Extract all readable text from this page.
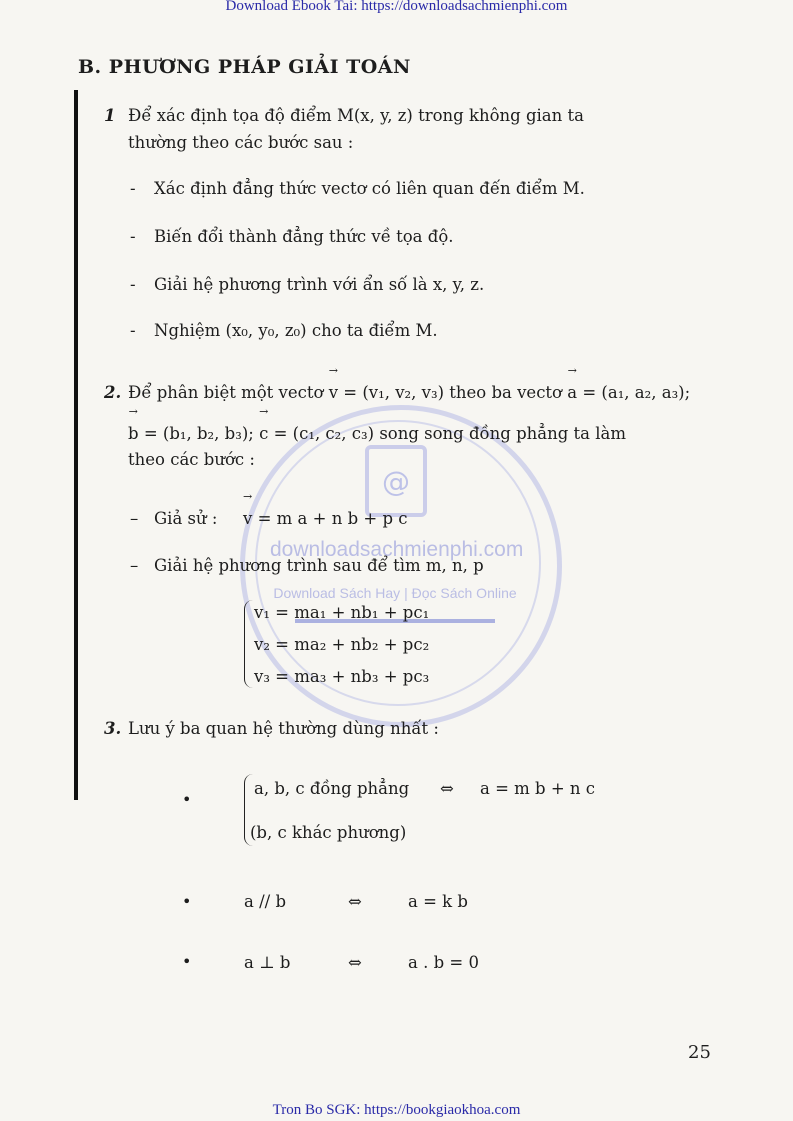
Download Ebook Tai: https://downloadsachmienphi.com
@
downloadsachmienphi.com
Download Sách Hay | Đọc Sách Online
B. PHƯƠNG PHÁP GIẢI TOÁN
1 Để xác định tọa độ điểm M(x, y, z) trong không gian ta
thường theo các bước sau :
- Xác định đẳng thức vectơ có liên quan đến điểm M.
- Biến đổi thành đẳng thức về tọa độ.
- Giải hệ phương trình với ẩn số là x, y, z.
- Nghiệm (x₀, y₀, z₀) cho ta điểm M.
2. Để phân biệt một vectơ → v = (v₁, v₂, v₃) theo ba vectơ → a = (a₁, a₂, a₃);
→ b = (b₁, b₂, b₃); → c = (c₁, c₂, c₃) song song đồng phẳng ta làm
theo các bước :
– Giả sử : → v = m a + n b + p c
– Giải hệ phương trình sau để tìm m, n, p
v₁ = ma₁ + nb₁ + pc₁
v₂ = ma₂ + nb₂ + pc₂
v₃ = ma₃ + nb₃ + pc₃
3. Lưu ý ba quan hệ thường dùng nhất :
•
a, b, c đồng phẳng ⇔ a = m b + n c
(b, c khác phương)
•	a // b	⇔	a = k b
•	a ⊥ b	⇔	a . b = 0
25
Tron Bo SGK: https://bookgiaokhoa.com
